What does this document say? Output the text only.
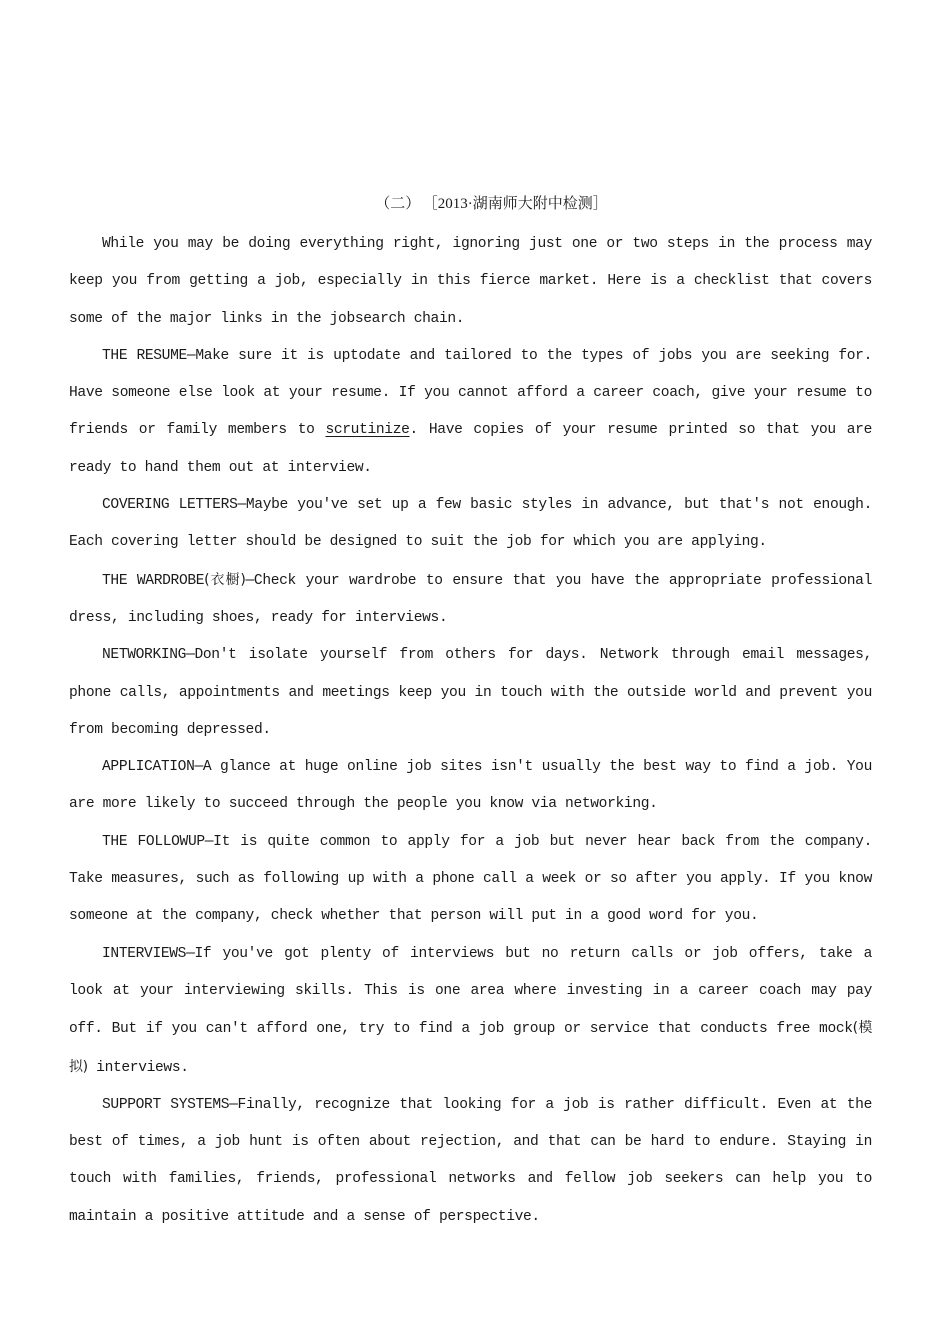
（二） ［2013·湖南师大附中检测］

While you may be doing everything right, ignoring just one or two steps in the process may keep you from getting a job, especially in this fierce market. Here is a checklist that covers some of the major links in the jobsearch chain.

THE RESUME—Make sure it is uptodate and tailored to the types of jobs you are seeking for. Have someone else look at your resume. If you cannot afford a career coach, give your resume to friends or family members to scrutinize. Have copies of your resume printed so that you are ready to hand them out at interview.

COVERING LETTERS—Maybe you've set up a few basic styles in advance, but that's not enough. Each covering letter should be designed to suit the job for which you are applying.

THE WARDROBE(衣橱)—Check your wardrobe to ensure that you have the appropriate professional dress, including shoes, ready for interviews.

NETWORKING—Don't isolate yourself from others for days. Network through email messages, phone calls, appointments and meetings keep you in touch with the outside world and prevent you from becoming depressed.

APPLICATION—A glance at huge online job sites isn't usually the best way to find a job. You are more likely to succeed through the people you know via networking.

THE FOLLOWUP—It is quite common to apply for a job but never hear back from the company. Take measures, such as following up with a phone call a week or so after you apply. If you know someone at the company, check whether that person will put in a good word for you.

INTERVIEWS—If you've got plenty of interviews but no return calls or job offers, take a look at your interviewing skills. This is one area where investing in a career coach may pay off. But if you can't afford one, try to find a job group or service that conducts free mock(模拟) interviews.

SUPPORT SYSTEMS—Finally, recognize that looking for a job is rather difficult. Even at the best of times, a job hunt is often about rejection, and that can be hard to endure. Staying in touch with families, friends, professional networks and fellow job seekers can help you to maintain a positive attitude and a sense of perspective.
